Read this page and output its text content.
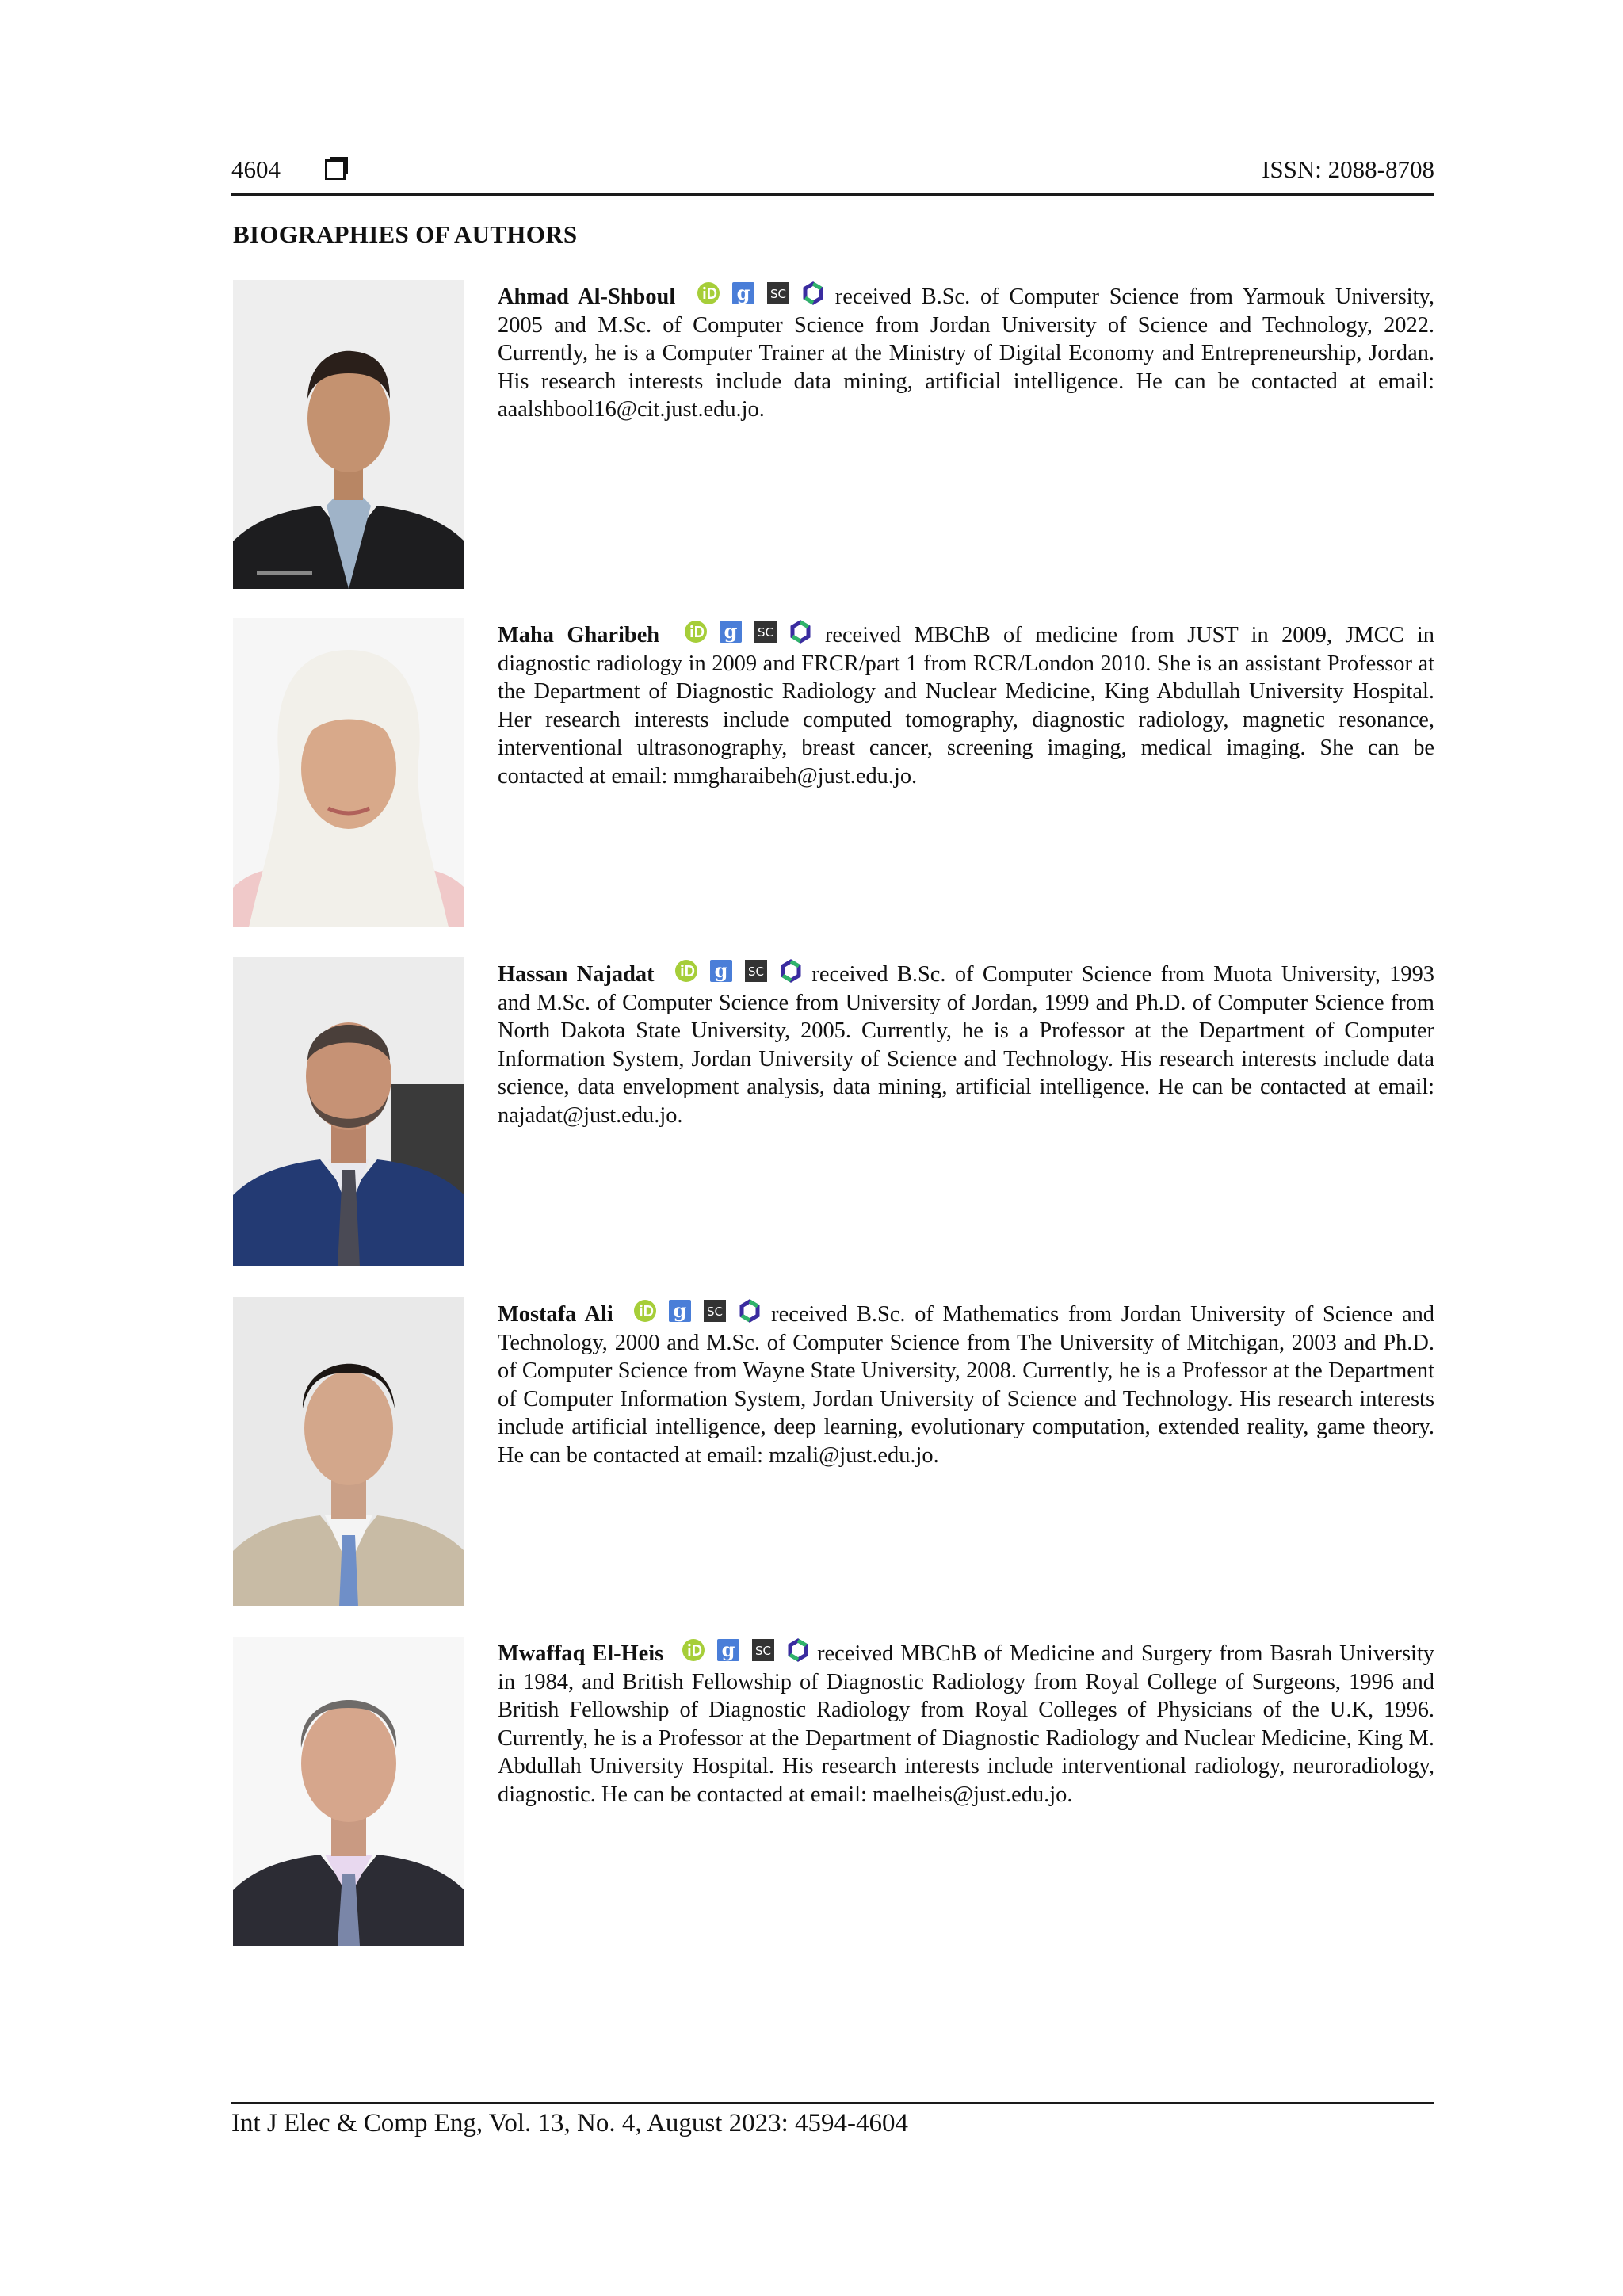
4604	ISSN: 2088-8708
BIOGRAPHIES OF AUTHORS
Ahmad Al-Shboul	received B.Sc. of Computer Science from Yarmouk University, 2005 and M.Sc. of Computer Science from Jordan University of Science and Technology, 2022. Currently, he is a Computer Trainer at the Ministry of Digital Economy and Entrepreneurship, Jordan. His research interests include data mining, artificial intelligence. He can be contacted at email: aaalshbool16@cit.just.edu.jo.
Maha Gharibeh	received MBChB of medicine from JUST in 2009, JMCC in diagnostic radiology in 2009 and FRCR/part 1 from RCR/London 2010. She is an assistant Professor at the Department of Diagnostic Radiology and Nuclear Medicine, King Abdullah University Hospital. Her research interests include computed tomography, diagnostic radiology, magnetic resonance, interventional ultrasonography, breast cancer, screening imaging, medical imaging. She can be contacted at email: mmgharaibeh@just.edu.jo.
Hassan Najadat	received B.Sc. of Computer Science from Muota University, 1993 and M.Sc. of Computer Science from University of Jordan, 1999 and Ph.D. of Computer Science from North Dakota State University, 2005. Currently, he is a Professor at the Department of Computer Information System, Jordan University of Science and Technology. His research interests include data science, data envelopment analysis, data mining, artificial intelligence. He can be contacted at email: najadat@just.edu.jo.
Mostafa Ali	received B.Sc. of Mathematics from Jordan University of Science and Technology, 2000 and M.Sc. of Computer Science from The University of Mitchigan, 2003 and Ph.D. of Computer Science from Wayne State University, 2008. Currently, he is a Professor at the Department of Computer Information System, Jordan University of Science and Technology. His research interests include artificial intelligence, deep learning, evolutionary computation, extended reality, game theory. He can be contacted at email: mzali@just.edu.jo.
Mwaffaq El-Heis	received MBChB of Medicine and Surgery from Basrah University in 1984, and British Fellowship of Diagnostic Radiology from Royal College of Surgeons, 1996 and British Fellowship of Diagnostic Radiology from Royal Colleges of Physicians of the U.K, 1996. Currently, he is a Professor at the Department of Diagnostic Radiology and Nuclear Medicine, King M. Abdullah University Hospital. His research interests include interventional radiology, neuroradiology, diagnostic. He can be contacted at email: maelheis@just.edu.jo.
Int J Elec & Comp Eng, Vol. 13, No. 4, August 2023: 4594-4604
